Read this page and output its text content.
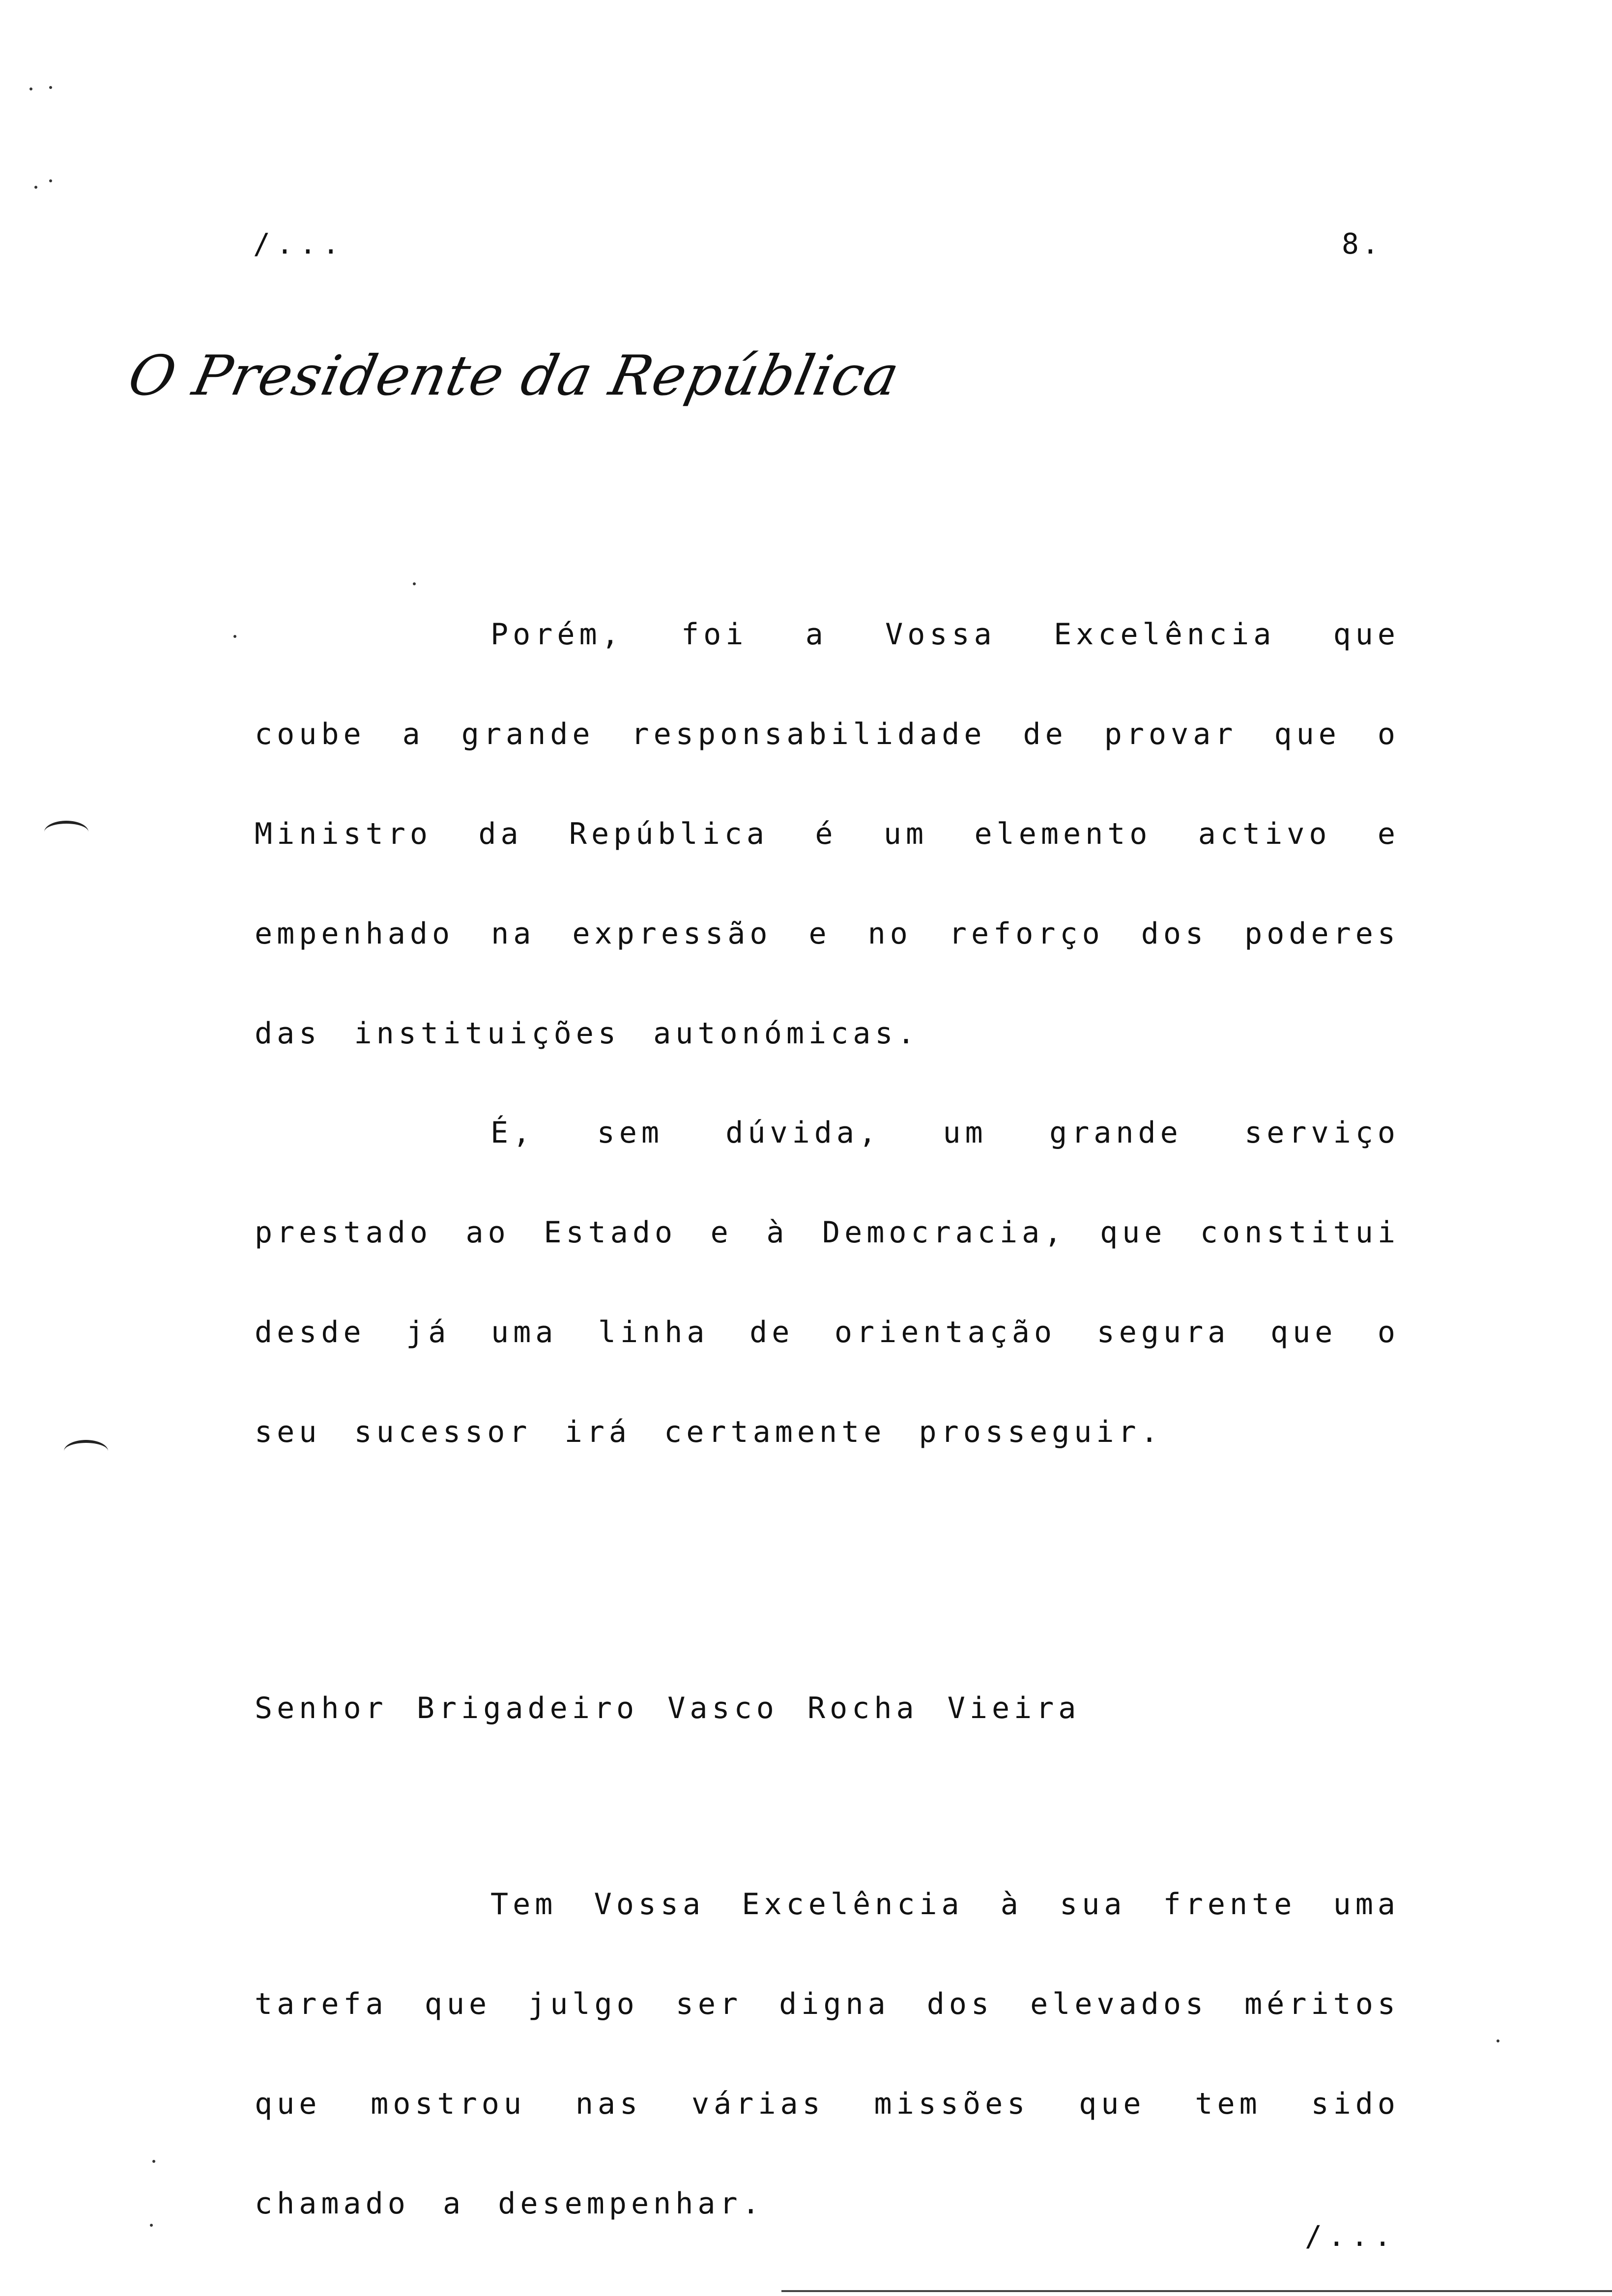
/...	8.
O Presidente da República

Porém, foi a Vossa Excelência que coube a grande responsabilidade de provar que o Ministro da República é um elemento activo e empenhado na expressão e no reforço dos poderes das instituições autonómicas.

É, sem dúvida, um grande serviço prestado ao Estado e à Democracia, que constitui desde já uma linha de orientação segura que o seu sucessor irá certamente prosseguir.

Senhor Brigadeiro Vasco Rocha Vieira

Tem Vossa Excelência à sua frente uma tarefa que julgo ser digna dos elevados méritos que mostrou nas várias missões que tem sido chamado a desempenhar.

/...
